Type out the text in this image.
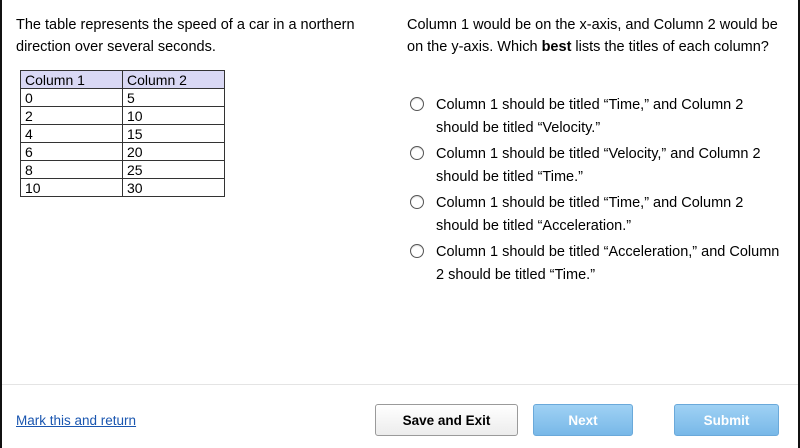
The table represents the speed of a car in a northern direction over several seconds.

Column 1	Column 2
0	5
2	10
4	15
6	20
8	25
10	30

Column 1 would be on the x-axis, and Column 2 would be on the y-axis. Which best lists the titles of each column?

Column 1 should be titled “Time,” and Column 2 should be titled “Velocity.”
Column 1 should be titled “Velocity,” and Column 2 should be titled “Time.”
Column 1 should be titled “Time,” and Column 2 should be titled “Acceleration.”
Column 1 should be titled “Acceleration,” and Column 2 should be titled “Time.”
Mark this and return	Save and Exit	Next	Submit
